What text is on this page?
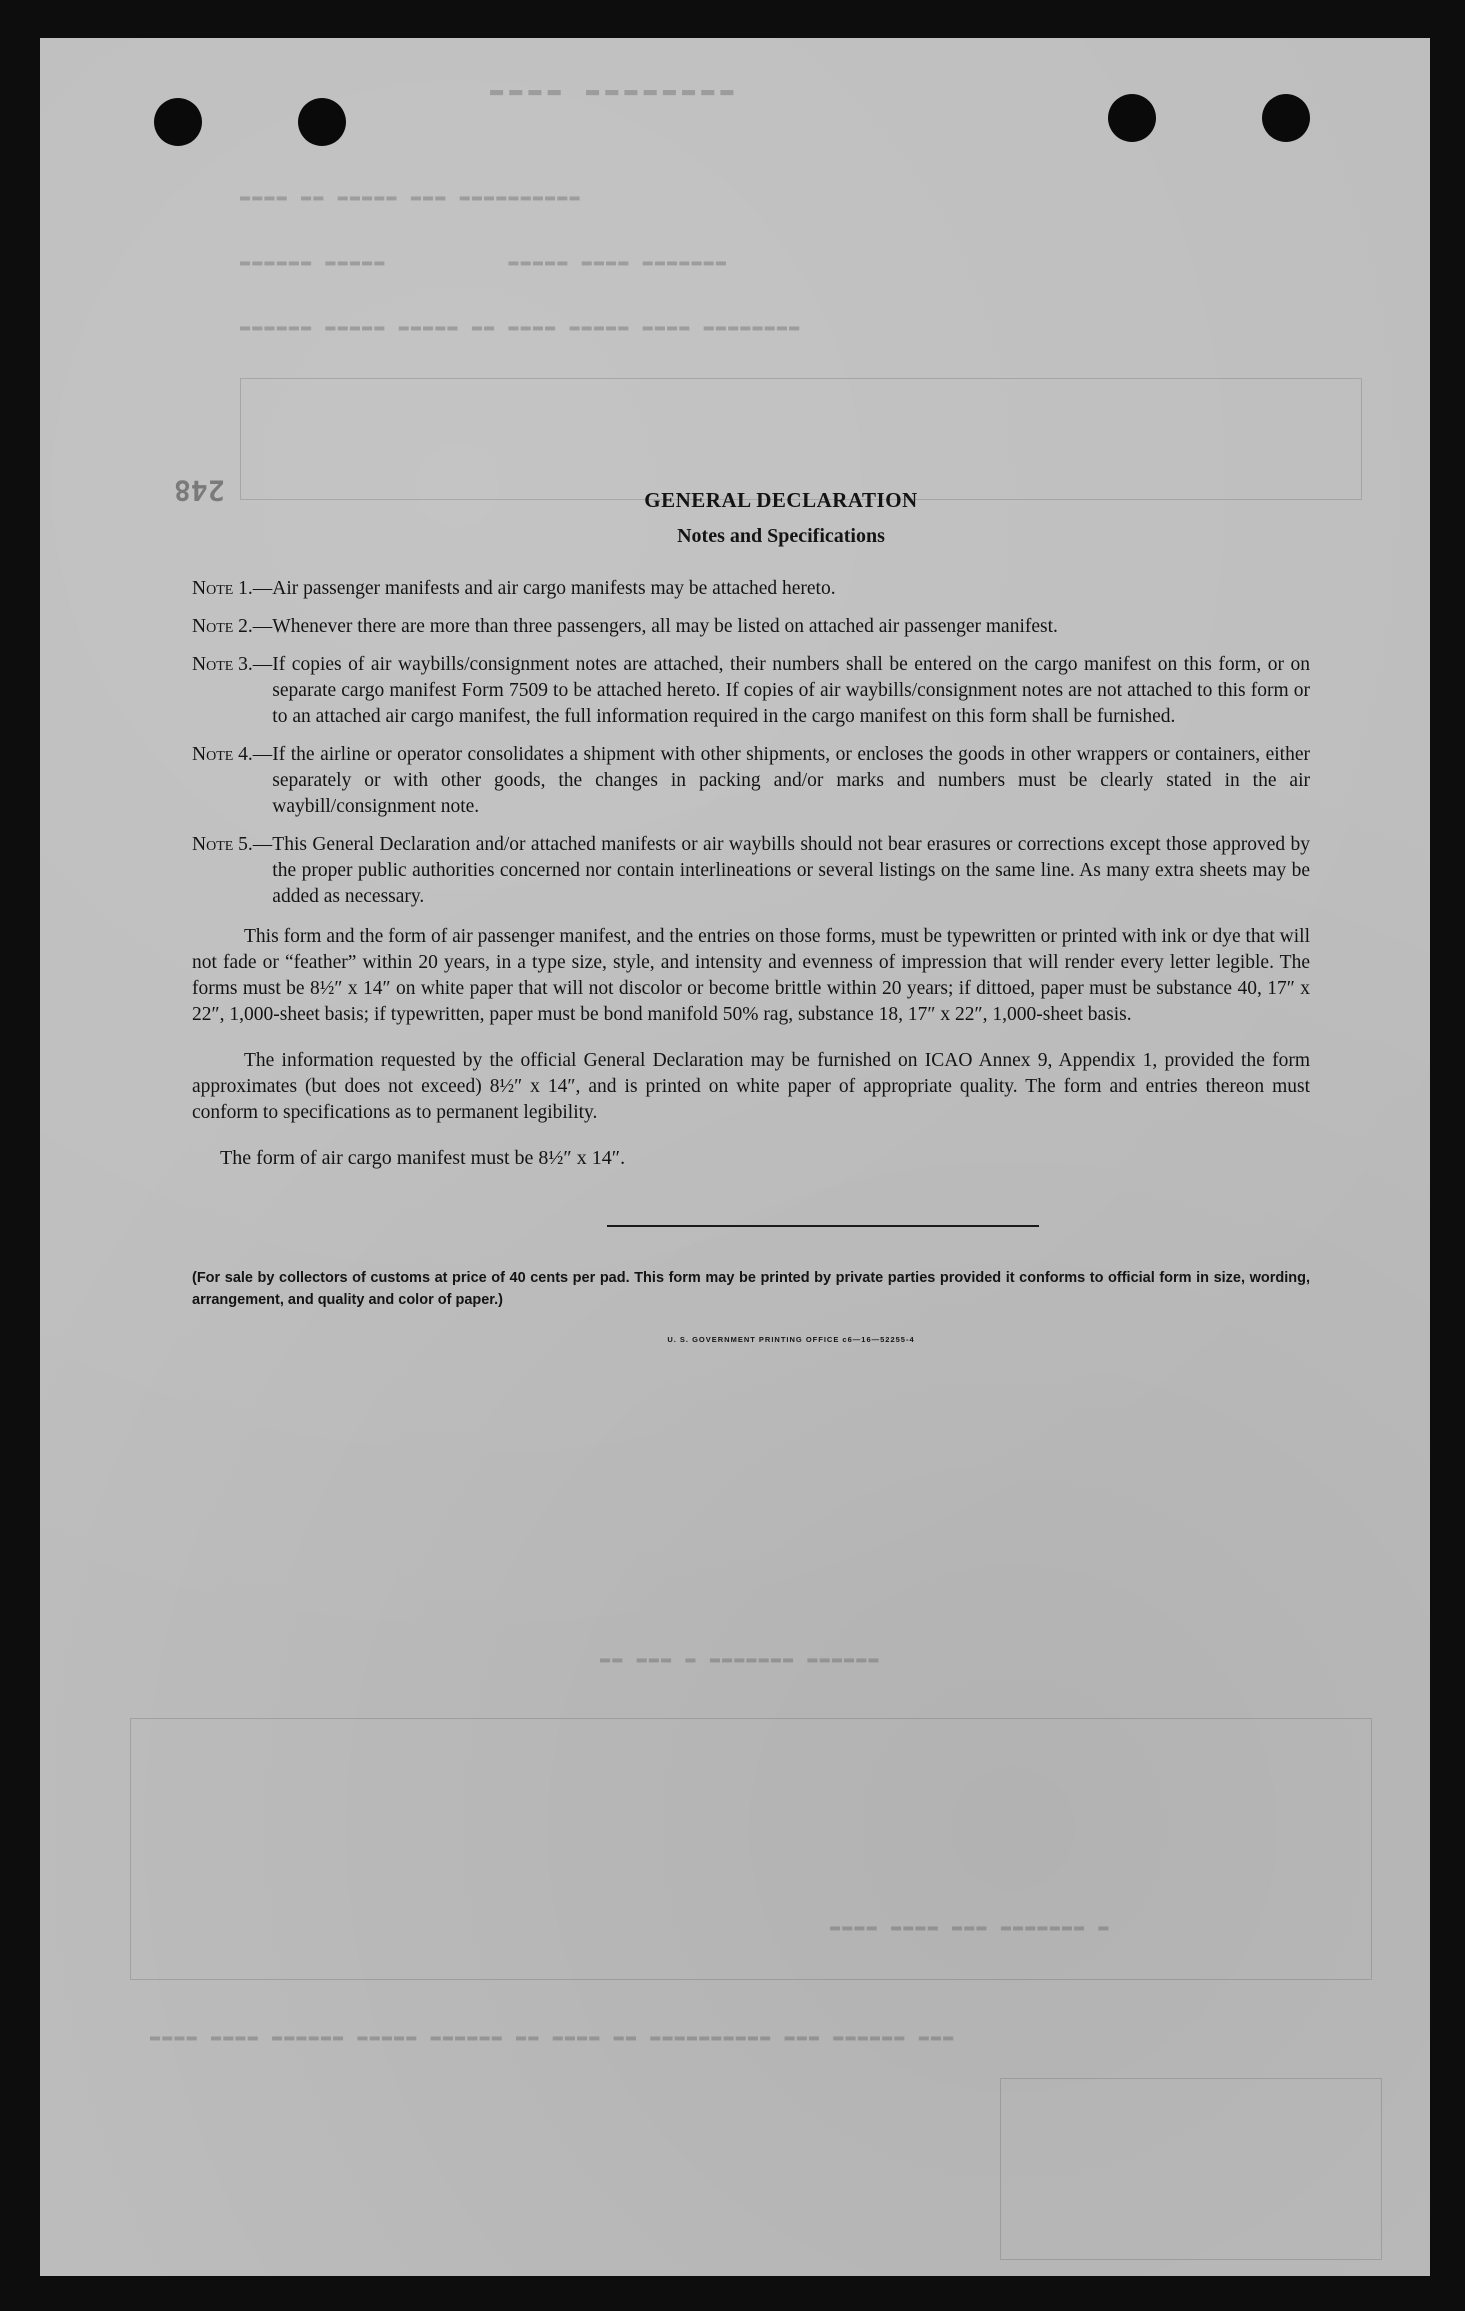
▬▬▬▬ ▬▬▬▬▬▬▬▬
▬▬▬▬ ▬▬ ▬▬▬▬▬ ▬▬▬ ▬▬▬▬▬▬▬▬▬▬
▬▬▬▬▬▬ ▬▬▬▬▬          ▬▬▬▬▬ ▬▬▬▬ ▬▬▬▬▬▬▬
▬▬▬▬▬▬ ▬▬▬▬▬ ▬▬▬▬▬ ▬▬ ▬▬▬▬ ▬▬▬▬▬ ▬▬▬▬ ▬▬▬▬▬▬▬▬
▬▬ ▬▬▬ ▬ ▬▬▬▬▬▬▬ ▬▬▬▬▬▬
▬▬▬▬ ▬▬▬▬ ▬▬▬ ▬▬▬▬▬▬▬ ▬
▬▬▬▬ ▬▬▬▬ ▬▬▬▬▬▬ ▬▬▬▬▬ ▬▬▬▬▬▬ ▬▬ ▬▬▬▬ ▬▬ ▬▬▬▬▬▬▬▬▬▬ ▬▬▬ ▬▬▬▬▬▬ ▬▬▬
248	GENERAL DECLARATION
Notes and Specifications
Note 1.— Air passenger manifests and air cargo manifests may be attached hereto.
Note 2.— Whenever there are more than three passengers, all may be listed on attached air passenger manifest.
Note 3.— If copies of air waybills/consignment notes are attached, their numbers shall be entered on the cargo manifest on this form, or on separate cargo manifest Form 7509 to be attached hereto. If copies of air waybills/consignment notes are not attached to this form or to an attached air cargo manifest, the full information required in the cargo manifest on this form shall be furnished.
Note 4.— If the airline or operator consolidates a shipment with other shipments, or encloses the goods in other wrappers or containers, either separately or with other goods, the changes in packing and/or marks and numbers must be clearly stated in the air waybill/consignment note.
Note 5.— This General Declaration and/or attached manifests or air waybills should not bear erasures or corrections except those approved by the proper public authorities concerned nor contain interlineations or several listings on the same line. As many extra sheets may be added as necessary.

This form and the form of air passenger manifest, and the entries on those forms, must be typewritten or printed with ink or dye that will not fade or “feather” within 20 years, in a type size, style, and intensity and evenness of impression that will render every letter legible. The forms must be 8½″ x 14″ on white paper that will not discolor or become brittle within 20 years; if dittoed, paper must be substance 40, 17″ x 22″, 1,000-sheet basis; if typewritten, paper must be bond manifold 50% rag, substance 18, 17″ x 22″, 1,000-sheet basis.

The information requested by the official General Declaration may be furnished on ICAO Annex 9, Appendix 1, provided the form approximates (but does not exceed) 8½″ x 14″, and is printed on white paper of appropriate quality. The form and entries thereon must conform to specifications as to permanent legibility.

The form of air cargo manifest must be 8½″ x 14″.
(For sale by collectors of customs at price of 40 cents per pad. This form may be printed by private parties provided it conforms to official form in size, wording, arrangement, and quality and color of paper.)
U. S. GOVERNMENT PRINTING OFFICE c6—16—52255-4
